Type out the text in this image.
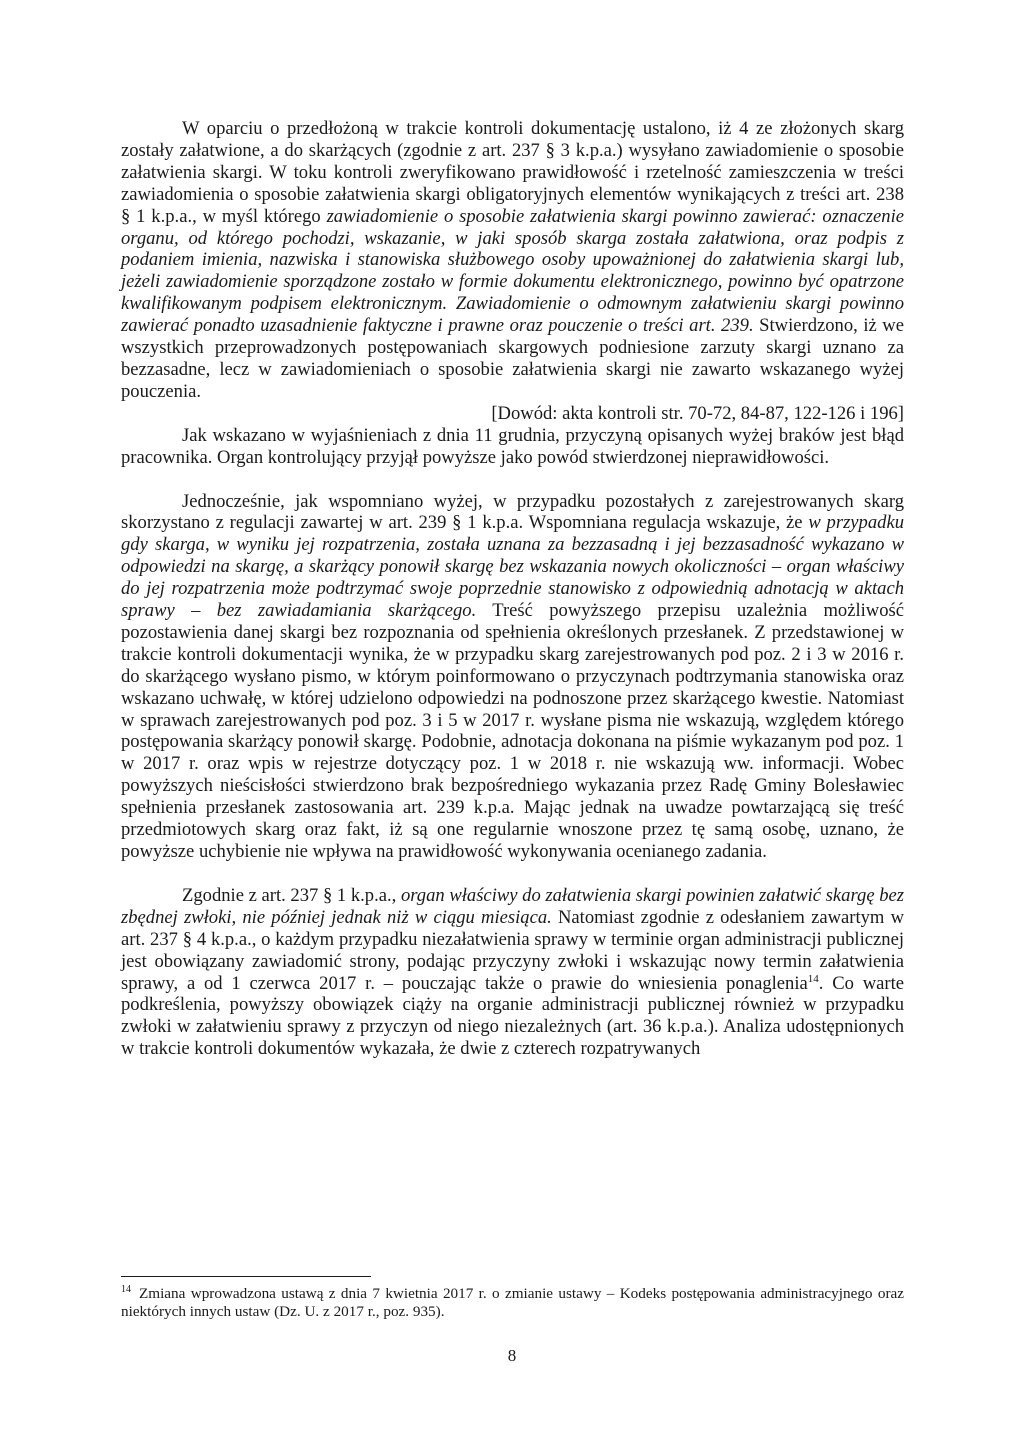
W oparciu o przedłożoną w trakcie kontroli dokumentację ustalono, iż 4 ze złożonych skarg zostały załatwione, a do skarżących (zgodnie z art. 237 § 3 k.p.a.) wysyłano zawiadomienie o sposobie załatwienia skargi. W toku kontroli zweryfikowano prawidłowość i rzetelność zamieszczenia w treści zawiadomienia o sposobie załatwienia skargi obligatoryjnych elementów wynikających z treści art. 238 § 1 k.p.a., w myśl którego zawiadomienie o sposobie załatwienia skargi powinno zawierać: oznaczenie organu, od którego pochodzi, wskazanie, w jaki sposób skarga została załatwiona, oraz podpis z podaniem imienia, nazwiska i stanowiska służbowego osoby upoważnionej do załatwienia skargi lub, jeżeli zawiadomienie sporządzone zostało w formie dokumentu elektronicznego, powinno być opatrzone kwalifikowanym podpisem elektronicznym. Zawiadomienie o odmownym załatwieniu skargi powinno zawierać ponadto uzasadnienie faktyczne i prawne oraz pouczenie o treści art. 239. Stwierdzono, iż we wszystkich przeprowadzonych postępowaniach skargowych podniesione zarzuty skargi uznano za bezzasadne, lecz w zawiadomieniach o sposobie załatwienia skargi nie zawarto wskazanego wyżej pouczenia.

[Dowód: akta kontroli str. 70-72, 84-87, 122-126 i 196]

Jak wskazano w wyjaśnieniach z dnia 11 grudnia, przyczyną opisanych wyżej braków jest błąd pracownika. Organ kontrolujący przyjął powyższe jako powód stwierdzonej nieprawidłowości.

Jednocześnie, jak wspomniano wyżej, w przypadku pozostałych z zarejestrowanych skarg skorzystano z regulacji zawartej w art. 239 § 1 k.p.a. Wspomniana regulacja wskazuje, że w przypadku gdy skarga, w wyniku jej rozpatrzenia, została uznana za bezzasadną i jej bezzasadność wykazano w odpowiedzi na skargę, a skarżący ponowił skargę bez wskazania nowych okoliczności – organ właściwy do jej rozpatrzenia może podtrzymać swoje poprzednie stanowisko z odpowiednią adnotacją w aktach sprawy – bez zawiadamiania skarżącego. Treść powyższego przepisu uzależnia możliwość pozostawienia danej skargi bez rozpoznania od spełnienia określonych przesłanek. Z przedstawionej w trakcie kontroli dokumentacji wynika, że w przypadku skarg zarejestrowanych pod poz. 2 i 3 w 2016 r. do skarżącego wysłano pismo, w którym poinformowano o przyczynach podtrzymania stanowiska oraz wskazano uchwałę, w której udzielono odpowiedzi na podnoszone przez skarżącego kwestie. Natomiast w sprawach zarejestrowanych pod poz. 3 i 5 w 2017 r. wysłane pisma nie wskazują, względem którego postępowania skarżący ponowił skargę. Podobnie, adnotacja dokonana na piśmie wykazanym pod poz. 1 w 2017 r. oraz wpis w rejestrze dotyczący poz. 1 w 2018 r. nie wskazują ww. informacji. Wobec powyższych nieścisłości stwierdzono brak bezpośredniego wykazania przez Radę Gminy Bolesławiec spełnienia przesłanek zastosowania art. 239 k.p.a. Mając jednak na uwadze powtarzającą się treść przedmiotowych skarg oraz fakt, iż są one regularnie wnoszone przez tę samą osobę, uznano, że powyższe uchybienie nie wpływa na prawidłowość wykonywania ocenianego zadania.

Zgodnie z art. 237 § 1 k.p.a., organ właściwy do załatwienia skargi powinien załatwić skargę bez zbędnej zwłoki, nie później jednak niż w ciągu miesiąca. Natomiast zgodnie z odesłaniem zawartym w art. 237 § 4 k.p.a., o każdym przypadku niezałatwienia sprawy w terminie organ administracji publicznej jest obowiązany zawiadomić strony, podając przyczyny zwłoki i wskazując nowy termin załatwienia sprawy, a od 1 czerwca 2017 r. – pouczając także o prawie do wniesienia ponaglenia$^{14}$. Co warte podkreślenia, powyższy obowiązek ciąży na organie administracji publicznej również w przypadku zwłoki w załatwieniu sprawy z przyczyn od niego niezależnych (art. 36 k.p.a.). Analiza udostępnionych w trakcie kontroli dokumentów wykazała, że dwie z czterech rozpatrywanych

$^{14}$ Zmiana wprowadzona ustawą z dnia 7 kwietnia 2017 r. o zmianie ustawy – Kodeks postępowania administracyjnego oraz niektórych innych ustaw (Dz. U. z 2017 r., poz. 935).
8
